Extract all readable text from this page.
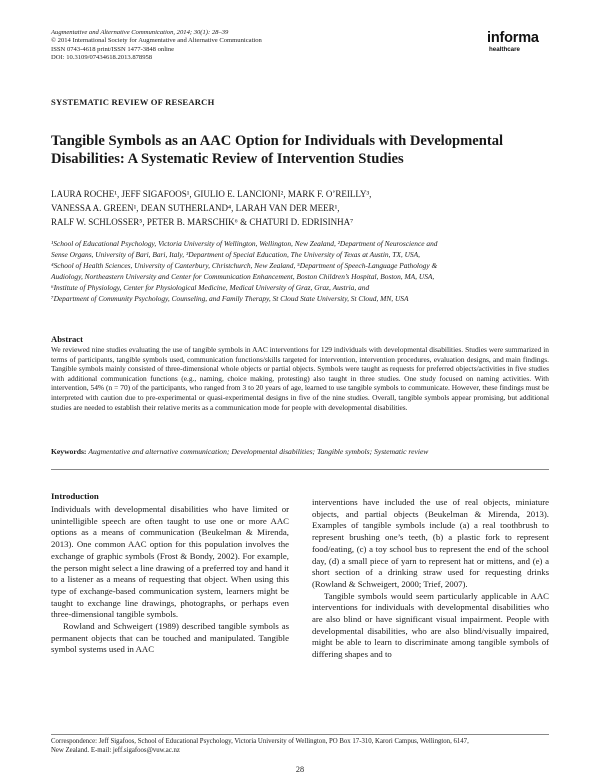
Augmentative and Alternative Communication, 2014; 30(1): 28–39
© 2014 International Society for Augmentative and Alternative Communication
ISSN 0743-4618 print/ISSN 1477-3848 online
DOI: 10.3109/07434618.2013.878958
informa
healthcare
SYSTEMATIC REVIEW OF RESEARCH
Tangible Symbols as an AAC Option for Individuals with Developmental Disabilities: A Systematic Review of Intervention Studies
LAURA ROCHE¹, JEFF SIGAFOOS¹, GIULIO E. LANCIONI², MARK F. O’REILLY³,
VANESSA A. GREEN¹, DEAN SUTHERLAND⁴, LARAH VAN DER MEER¹,
RALF W. SCHLOSSER⁵, PETER B. MARSCHIK⁶ & CHATURI D. EDRISINHA⁷
¹School of Educational Psychology, Victoria University of Wellington, Wellington, New Zealand, ²Department of Neuroscience and
Sense Organs, University of Bari, Bari, Italy, ³Department of Special Education, The University of Texas at Austin, TX, USA,
⁴School of Health Sciences, University of Canterbury, Christchurch, New Zealand, ⁵Department of Speech-Language Pathology &
Audiology, Northeastern University and Center for Communication Enhancement, Boston Children’s Hospital, Boston, MA, USA,
⁶Institute of Physiology, Center for Physiological Medicine, Medical University of Graz, Graz, Austria, and
⁷Department of Community Psychology, Counseling, and Family Therapy, St Cloud State University, St Cloud, MN, USA
Abstract
We reviewed nine studies evaluating the use of tangible symbols in AAC interventions for 129 individuals with developmental disabilities. Studies were summarized in terms of participants, tangible symbols used, communication functions/skills targeted for intervention, intervention procedures, evaluation designs, and main findings. Tangible symbols mainly consisted of three-dimensional whole objects or partial objects. Symbols were taught as requests for preferred objects/activities in five studies with additional communication functions (e.g., naming, choice making, protesting) also taught in three studies. One study focused on naming activities. With intervention, 54% (n = 70) of the participants, who ranged from 3 to 20 years of age, learned to use tangible symbols to communicate. However, these findings must be interpreted with caution due to pre-experimental or quasi-experimental designs in five of the nine studies. Overall, tangible symbols appear promising, but additional studies are needed to establish their relative merits as a communication mode for people with developmental disabilities.
Keywords: Augmentative and alternative communication; Developmental disabilities; Tangible symbols; Systematic review
Introduction

Individuals with developmental disabilities who have limited or unintelligible speech are often taught to use one or more AAC options as a means of communication (Beukelman & Mirenda, 2013). One common AAC option for this population involves the exchange of graphic symbols (Frost & Bondy, 2002). For example, the person might select a line drawing of a preferred toy and hand it to a listener as a means of requesting that object. When using this type of exchange-based communication system, learners might be taught to exchange line drawings, photographs, or perhaps even three-dimensional tangible symbols.

Rowland and Schweigert (1989) described tangible symbols as permanent objects that can be touched and manipulated. Tangible symbol systems used in AAC

interventions have included the use of real objects, miniature objects, and partial objects (Beukelman & Mirenda, 2013). Examples of tangible symbols include (a) a real toothbrush to represent brushing one’s teeth, (b) a plastic fork to represent food/eating, (c) a toy school bus to represent the end of the school day, (d) a small piece of yarn to represent hat or mittens, and (e) a short section of a drinking straw used for requesting drinks (Rowland & Schweigert, 2000; Trief, 2007).

Tangible symbols would seem particularly applicable in AAC interventions for individuals with developmental disabilities who are also blind or have significant visual impairment. People with developmental disabilities, who are also blind/visually impaired, might be able to learn to discriminate among tangible symbols of differing shapes and to

Correspondence: Jeff Sigafoos, School of Educational Psychology, Victoria University of Wellington, PO Box 17-310, Karori Campus, Wellington, 6147,
New Zealand. E-mail: jeff.sigafoos@vuw.ac.nz
28
